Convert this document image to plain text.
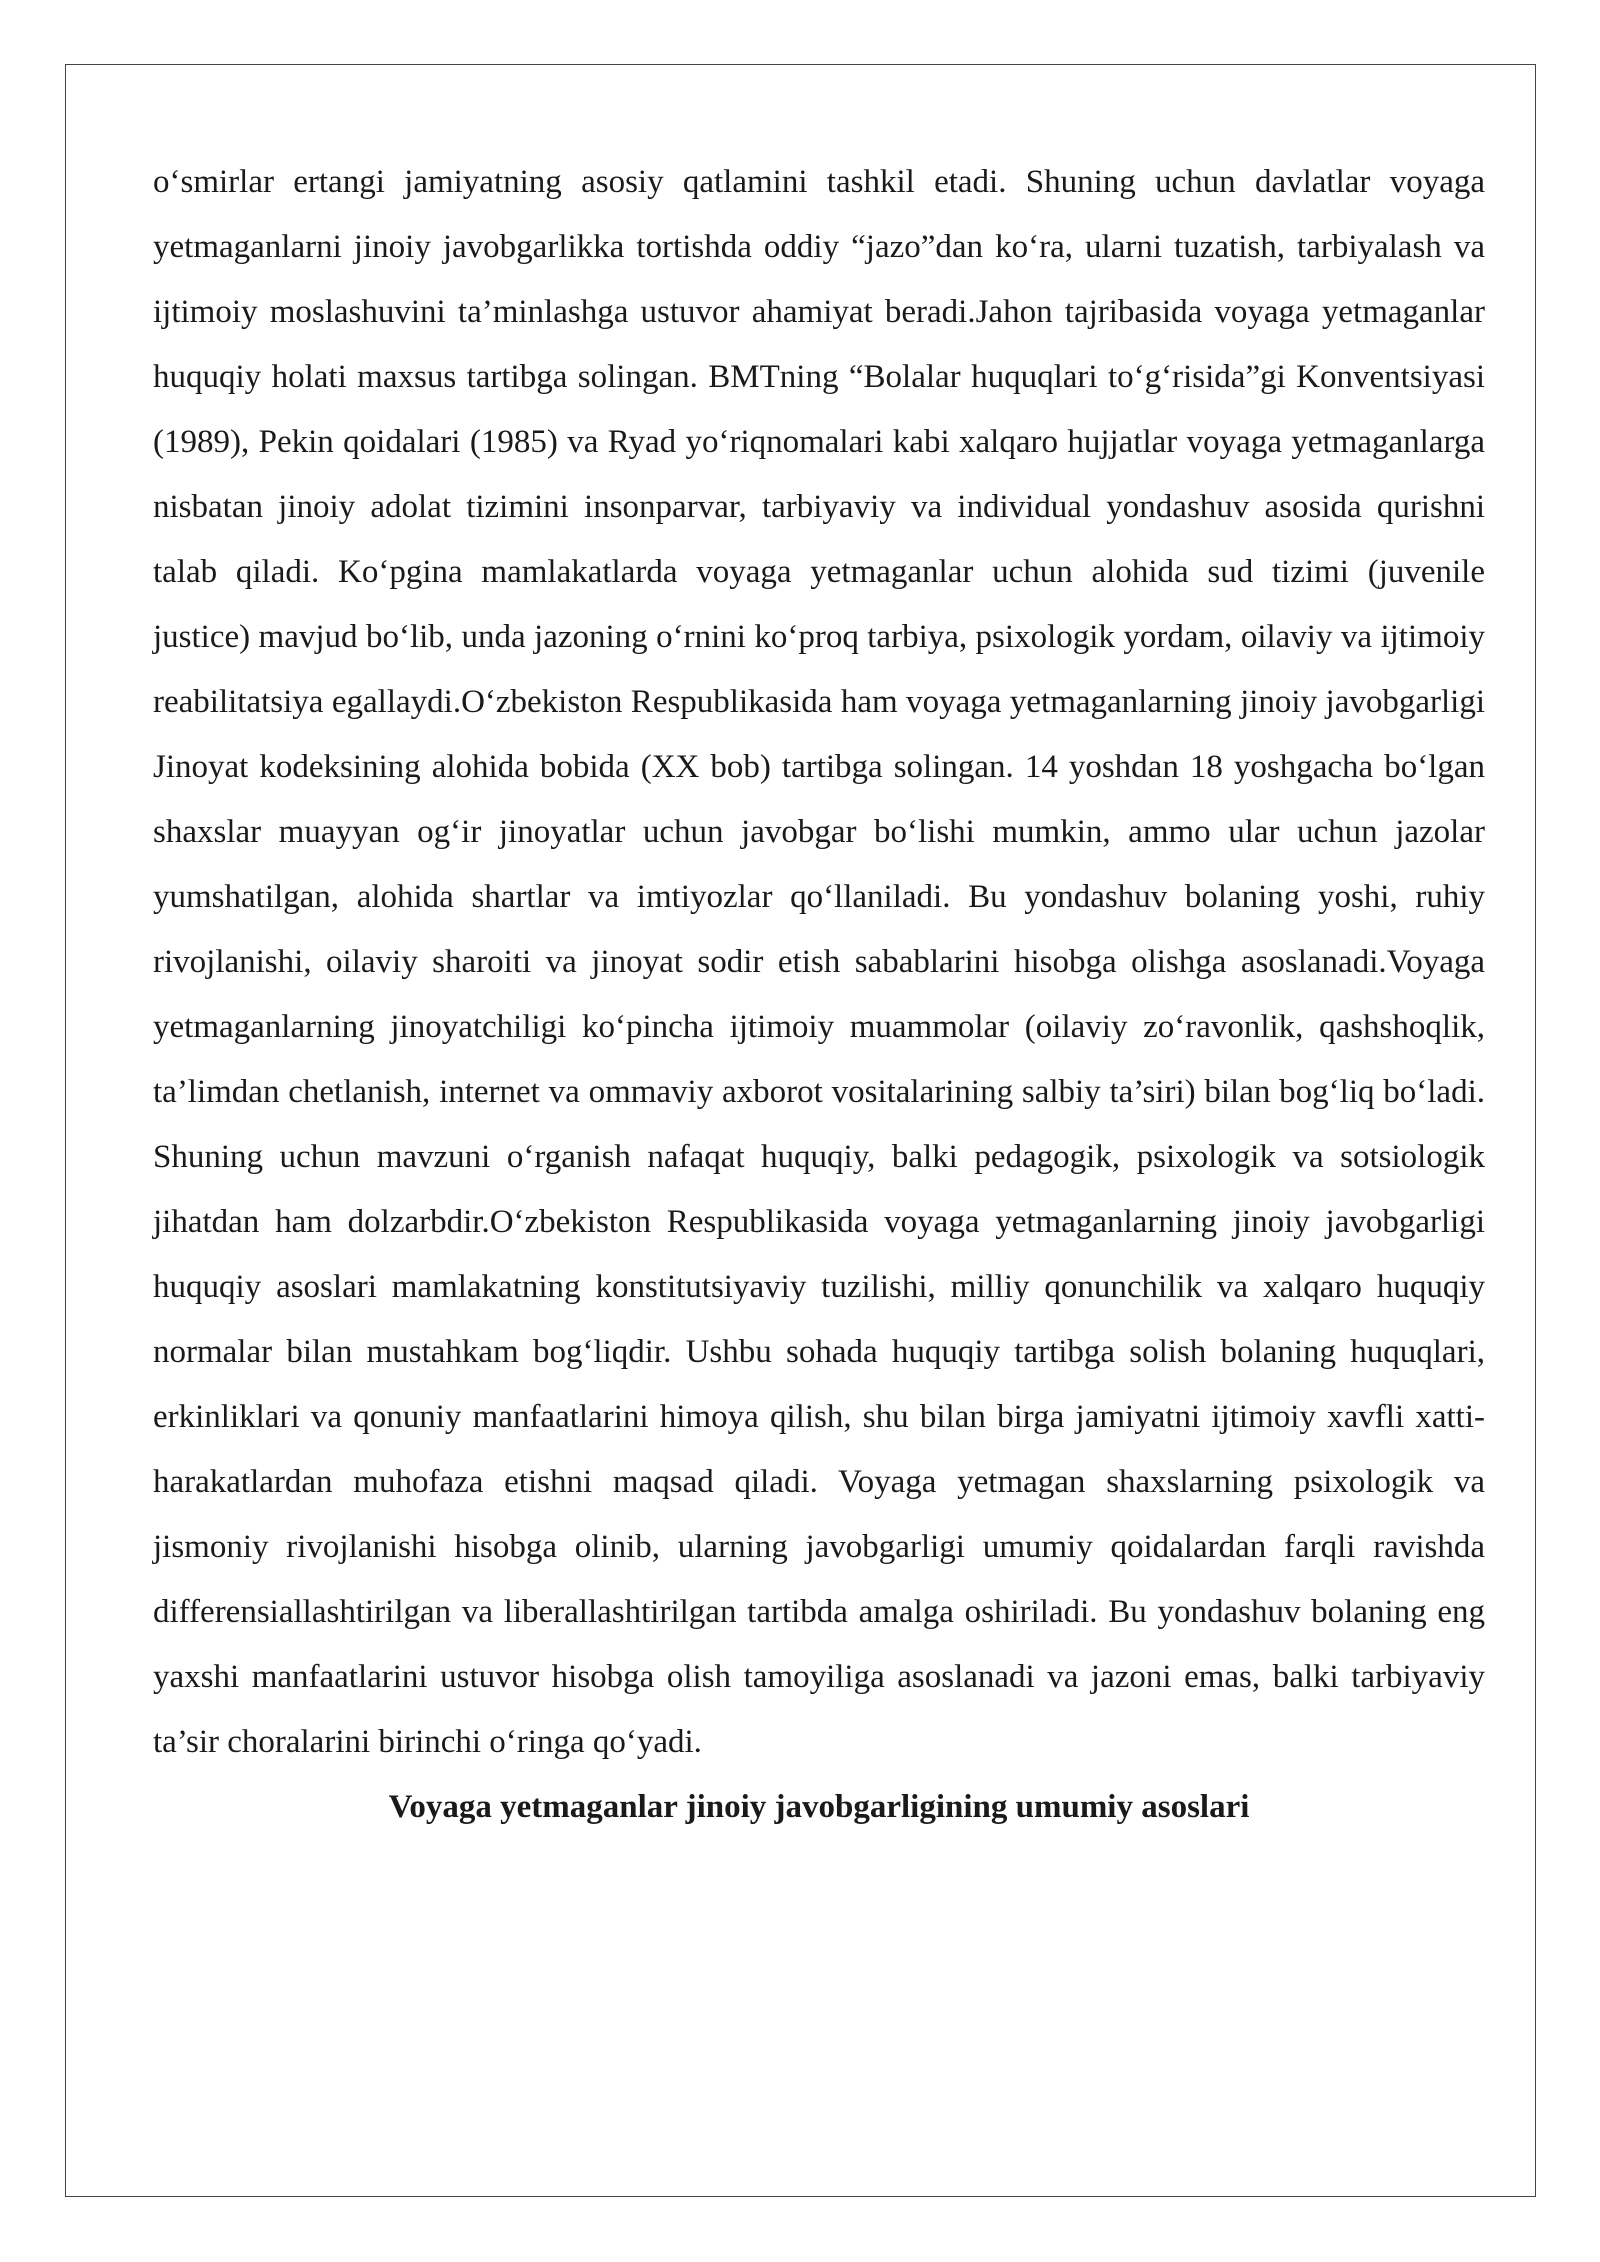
o‘smirlar ertangi jamiyatning asosiy qatlamini tashkil etadi. Shuning uchun davlatlar voyaga yetmaganlarni jinoiy javobgarlikka tortishda oddiy “jazo”dan ko‘ra, ularni tuzatish, tarbiyalash va ijtimoiy moslashuvini ta’minlashga ustuvor ahamiyat beradi.Jahon tajribasida voyaga yetmaganlar huquqiy holati maxsus tartibga solingan. BMTning “Bolalar huquqlari to‘g‘risida”gi Konventsiyasi (1989), Pekin qoidalari (1985) va Ryad yo‘riqnomalari kabi xalqaro hujjatlar voyaga yetmaganlarga nisbatan jinoiy adolat tizimini insonparvar, tarbiyaviy va individual yondashuv asosida qurishni talab qiladi. Ko‘pgina mamlakatlarda voyaga yetmaganlar uchun alohida sud tizimi (juvenile justice) mavjud bo‘lib, unda jazoning o‘rnini ko‘proq tarbiya, psixologik yordam, oilaviy va ijtimoiy reabilitatsiya egallaydi.O‘zbekiston Respublikasida ham voyaga yetmaganlarning jinoiy javobgarligi Jinoyat kodeksining alohida bobida (XX bob) tartibga solingan. 14 yoshdan 18 yoshgacha bo‘lgan shaxslar muayyan og‘ir jinoyatlar uchun javobgar bo‘lishi mumkin, ammo ular uchun jazolar yumshatilgan, alohida shartlar va imtiyozlar qo‘llaniladi. Bu yondashuv bolaning yoshi, ruhiy rivojlanishi, oilaviy sharoiti va jinoyat sodir etish sabablarini hisobga olishga asoslanadi.Voyaga yetmaganlarning jinoyatchiligi ko‘pincha ijtimoiy muammolar (oilaviy zo‘ravonlik, qashshoqlik, ta’limdan chetlanish, internet va ommaviy axborot vositalarining salbiy ta’siri) bilan bog‘liq bo‘ladi. Shuning uchun mavzuni o‘rganish nafaqat huquqiy, balki pedagogik, psixologik va sotsiologik jihatdan ham dolzarbdir.O‘zbekiston Respublikasida voyaga yetmaganlarning jinoiy javobgarligi huquqiy asoslari mamlakatning konstitutsiyaviy tuzilishi, milliy qonunchilik va xalqaro huquqiy normalar bilan mustahkam bog‘liqdir. Ushbu sohada huquqiy tartibga solish bolaning huquqlari, erkinliklari va qonuniy manfaatlarini himoya qilish, shu bilan birga jamiyatni ijtimoiy xavfli xatti-harakatlardan muhofaza etishni maqsad qiladi. Voyaga yetmagan shaxslarning psixologik va jismoniy rivojlanishi hisobga olinib, ularning javobgarligi umumiy qoidalardan farqli ravishda differensiallashtirilgan va liberallashtirilgan tartibda amalga oshiriladi. Bu yondashuv bolaning eng yaxshi manfaatlarini ustuvor hisobga olish tamoyiliga asoslanadi va jazoni emas, balki tarbiyaviy ta’sir choralarini birinchi o‘ringa qo‘yadi.

Voyaga yetmaganlar jinoiy javobgarligining umumiy asoslari
